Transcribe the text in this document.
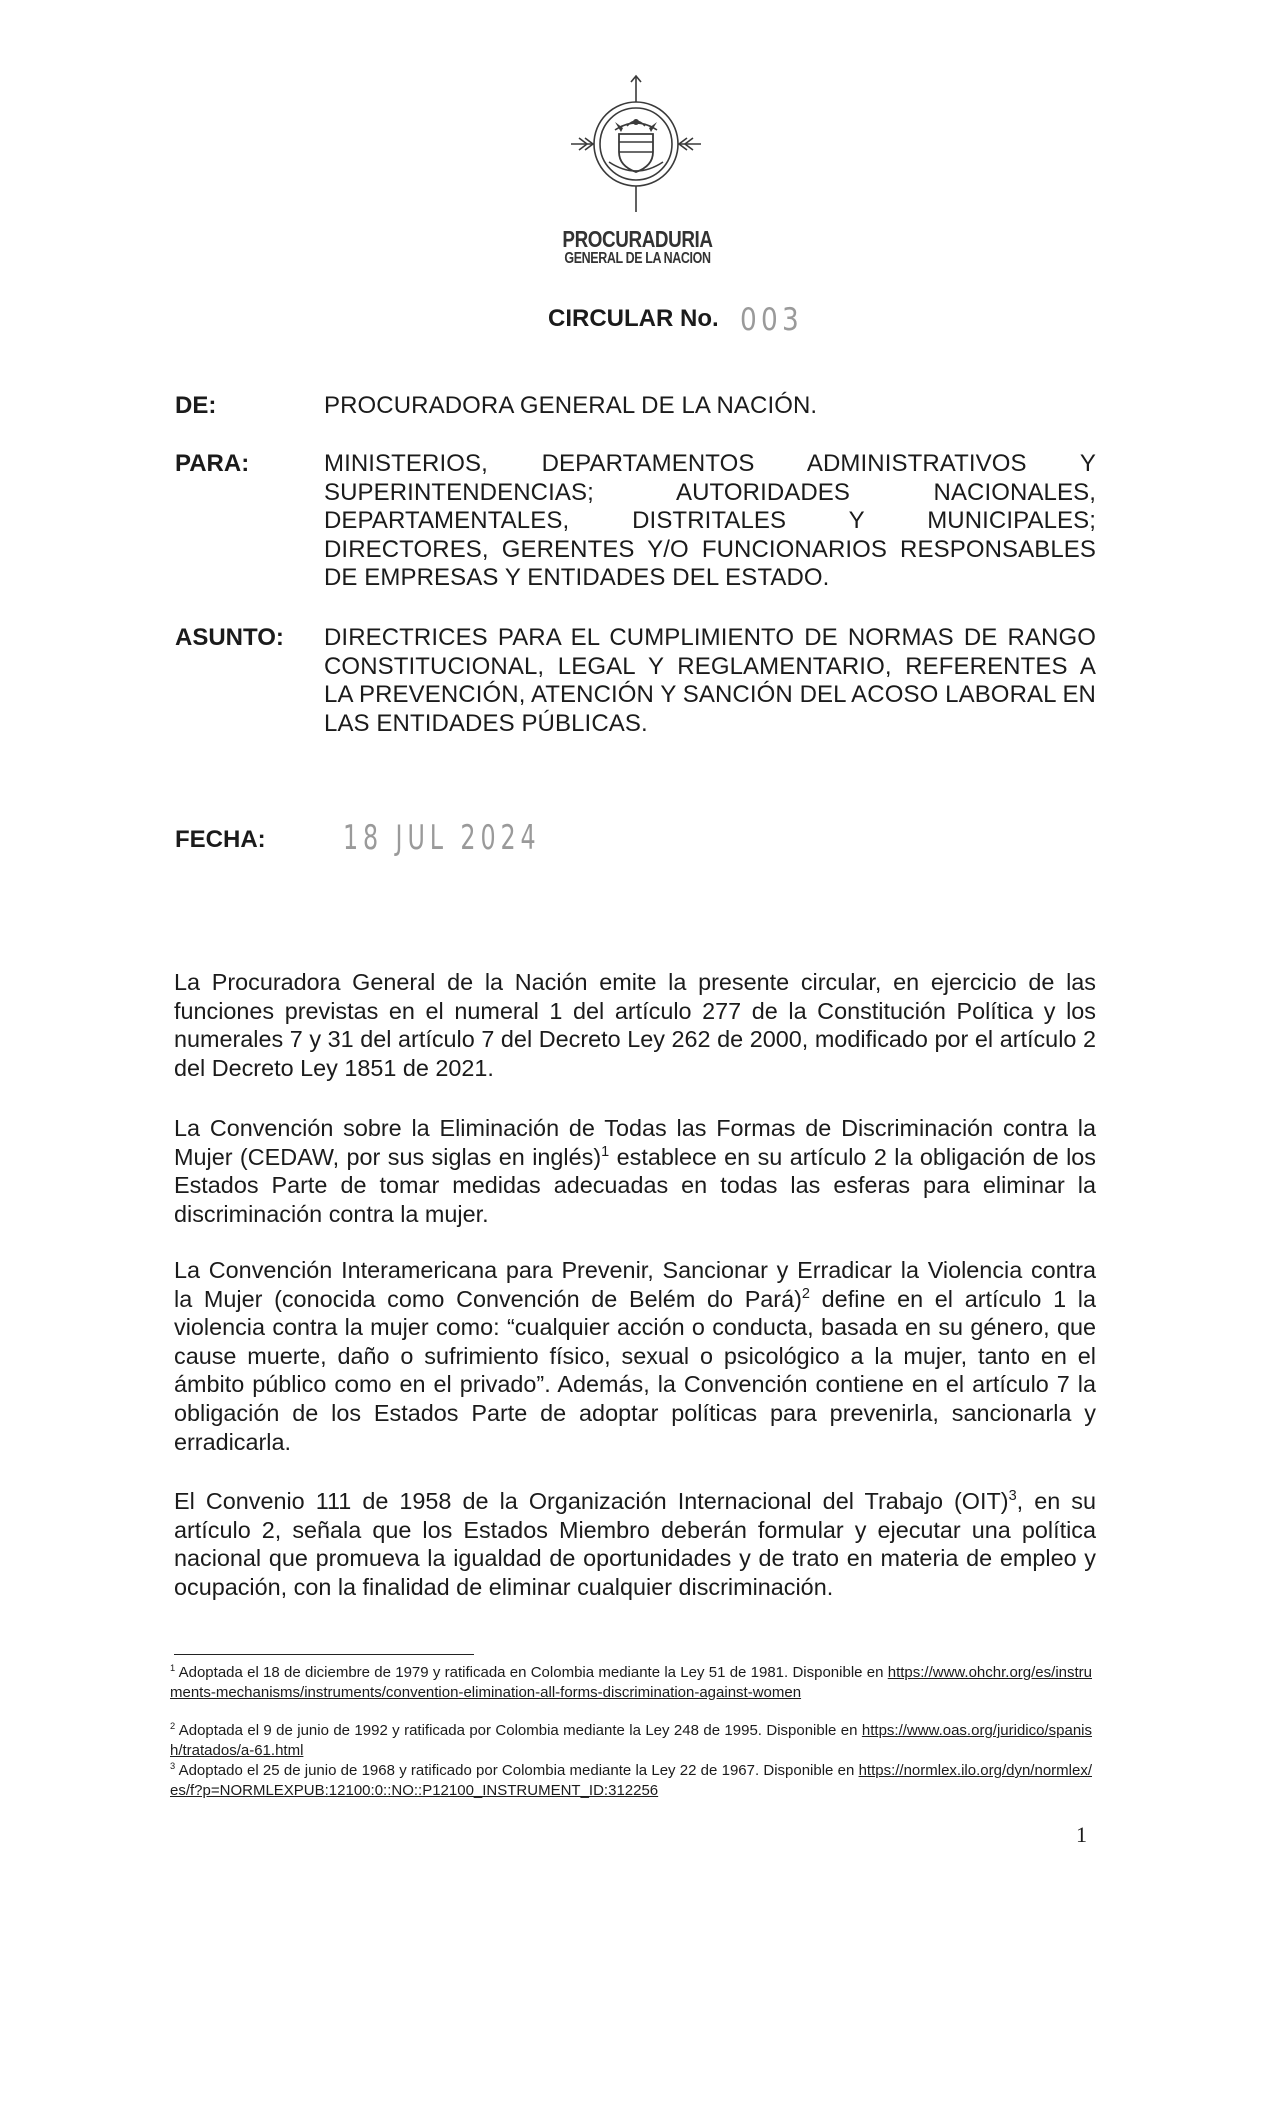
PROCURADURIA
GENERAL DE LA NACION
CIRCULAR No. 003
DE:	PROCURADORA GENERAL DE LA NACIÓN.
PARA:	MINISTERIOS, DEPARTAMENTOS ADMINISTRATIVOS Y SUPERINTENDENCIAS; AUTORIDADES NACIONALES, DEPARTAMENTALES, DISTRITALES Y MUNICIPALES; DIRECTORES, GERENTES Y/O FUNCIONARIOS RESPONSABLES DE EMPRESAS Y ENTIDADES DEL ESTADO.
ASUNTO: DIRECTRICES PARA EL CUMPLIMIENTO DE NORMAS DE RANGO CONSTITUCIONAL, LEGAL Y REGLAMENTARIO, REFERENTES A LA PREVENCIÓN, ATENCIÓN Y SANCIÓN DEL ACOSO LABORAL EN LAS ENTIDADES PÚBLICAS.
FECHA: 18 JUL 2024
La Procuradora General de la Nación emite la presente circular, en ejercicio de las funciones previstas en el numeral 1 del artículo 277 de la Constitución Política y los numerales 7 y 31 del artículo 7 del Decreto Ley 262 de 2000, modificado por el artículo 2 del Decreto Ley 1851 de 2021.
La Convención sobre la Eliminación de Todas las Formas de Discriminación contra la Mujer (CEDAW, por sus siglas en inglés)$^1$ establece en su artículo 2 la obligación de los Estados Parte de tomar medidas adecuadas en todas las esferas para eliminar la discriminación contra la mujer.
La Convención Interamericana para Prevenir, Sancionar y Erradicar la Violencia contra la Mujer (conocida como Convención de Belém do Pará)$^2$ define en el artículo 1 la violencia contra la mujer como: “cualquier acción o conducta, basada en su género, que cause muerte, daño o sufrimiento físico, sexual o psicológico a la mujer, tanto en el ámbito público como en el privado”. Además, la Convención contiene en el artículo 7 la obligación de los Estados Parte de adoptar políticas para prevenirla, sancionarla y erradicarla.
El Convenio 111 de 1958 de la Organización Internacional del Trabajo (OIT)$^3$, en su artículo 2, señala que los Estados Miembro deberán formular y ejecutar una política nacional que promueva la igualdad de oportunidades y de trato en materia de empleo y ocupación, con la finalidad de eliminar cualquier discriminación.
$^1$ Adoptada el 18 de diciembre de 1979 y ratificada en Colombia mediante la Ley 51 de 1981. Disponible en https://www.ohchr.org/es/instruments-mechanisms/instruments/convention-elimination-all-forms-discrimination-against-women
$^2$ Adoptada el 9 de junio de 1992 y ratificada por Colombia mediante la Ley 248 de 1995. Disponible en https://www.oas.org/juridico/spanish/tratados/a-61.html
$^3$ Adoptado el 25 de junio de 1968 y ratificado por Colombia mediante la Ley 22 de 1967. Disponible en https://normlex.ilo.org/dyn/normlex/es/f?p=NORMLEXPUB:12100:0::NO::P12100_INSTRUMENT_ID:312256
1
